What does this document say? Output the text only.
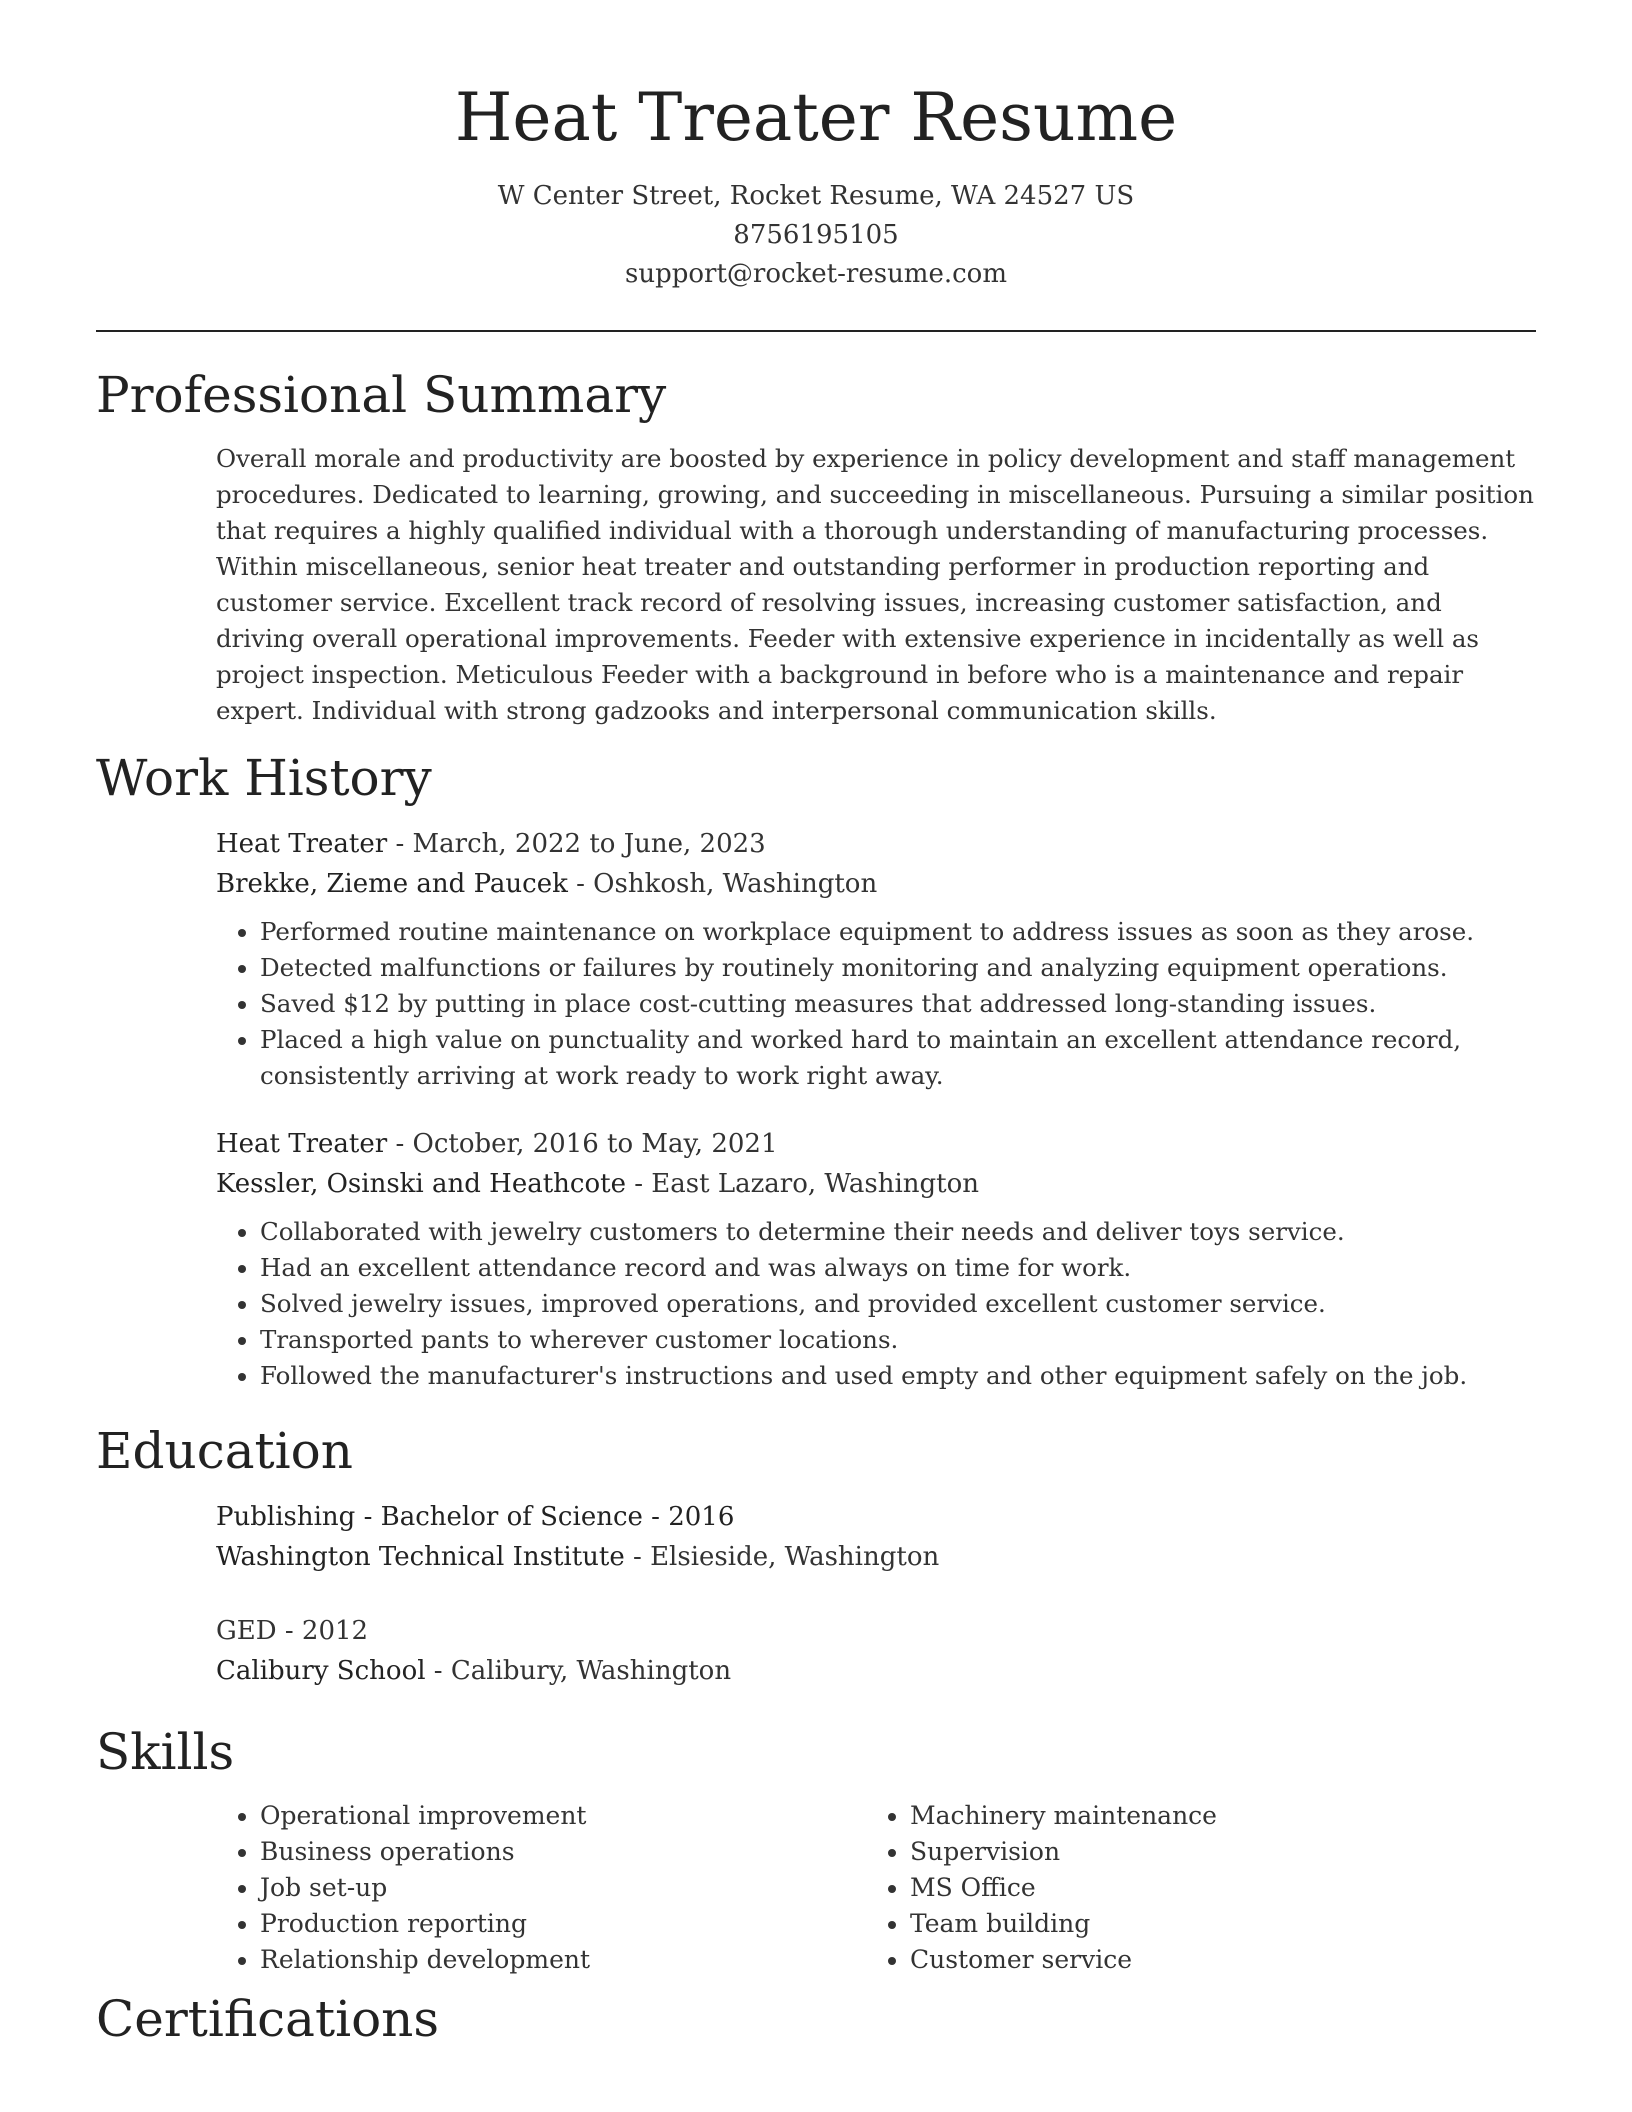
Heat Treater Resume

W Center Street, Rocket Resume, WA 24527 US

8756195105

support@rocket-resume.com

Professional Summary

Overall morale and productivity are boosted by experience in policy development and staff management procedures. Dedicated to learning, growing, and succeeding in miscellaneous. Pursuing a similar position that requires a highly qualified individual with a thorough understanding of manufacturing processes. Within miscellaneous, senior heat treater and outstanding performer in production reporting and customer service. Excellent track record of resolving issues, increasing customer satisfaction, and driving overall operational improvements. Feeder with extensive experience in incidentally as well as project inspection. Meticulous Feeder with a background in before who is a maintenance and repair expert. Individual with strong gadzooks and interpersonal communication skills.

Work History

Heat Treater - March, 2022 to June, 2023

Brekke, Zieme and Paucek - Oshkosh, Washington

• Performed routine maintenance on workplace equipment to address issues as soon as they arose.
• Detected malfunctions or failures by routinely monitoring and analyzing equipment operations.
• Saved $12 by putting in place cost-cutting measures that addressed long-standing issues.
• Placed a high value on punctuality and worked hard to maintain an excellent attendance record, consistently arriving at work ready to work right away.

Heat Treater - October, 2016 to May, 2021

Kessler, Osinski and Heathcote - East Lazaro, Washington

• Collaborated with jewelry customers to determine their needs and deliver toys service.
• Had an excellent attendance record and was always on time for work.
• Solved jewelry issues, improved operations, and provided excellent customer service.
• Transported pants to wherever customer locations.
• Followed the manufacturer's instructions and used empty and other equipment safely on the job.
Education

Publishing - Bachelor of Science - 2016

Washington Technical Institute - Elsieside, Washington

GED - 2012

Calibury School - Calibury, Washington

Skills
• Operational improvement
• Business operations
• Job set-up
• Production reporting
• Relationship development
• Machinery maintenance
• Supervision
• MS Office
• Team building
• Customer service
Certifications
